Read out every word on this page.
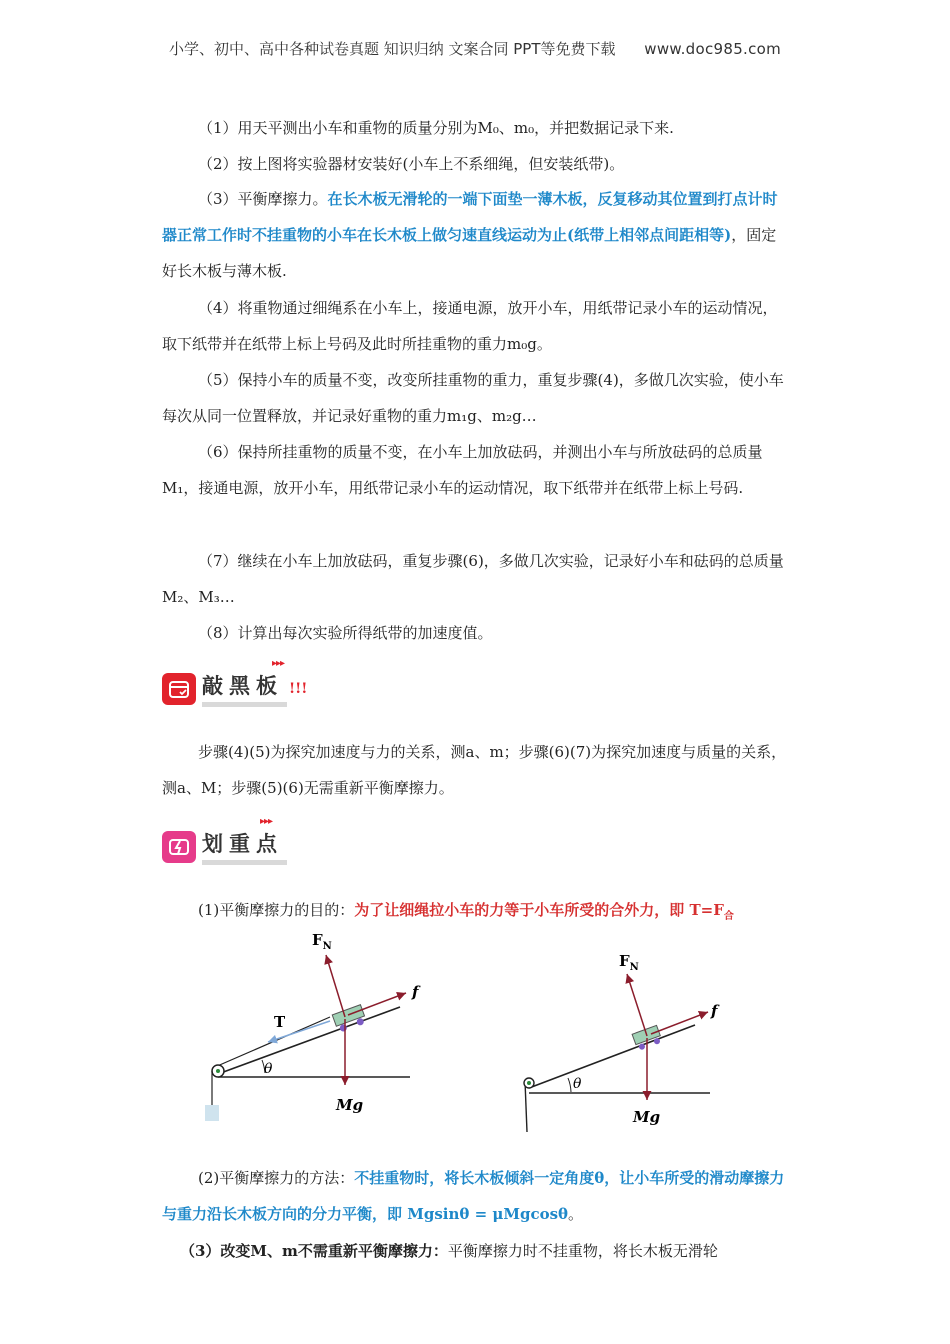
小学、初中、高中各种试卷真题 知识归纳 文案合同 PPT等免费下载 www.doc985.com
（1）用天平测出小车和重物的质量分别为M₀、m₀，并把数据记录下来.
（2）按上图将实验器材安装好(小车上不系细绳，但安装纸带)。
（3）平衡摩擦力。在长木板无滑轮的一端下面垫一薄木板，反复移动其位置到打点计时器正常工作时不挂重物的小车在长木板上做匀速直线运动为止(纸带上相邻点间距相等)，固定好长木板与薄木板.
（4）将重物通过细绳系在小车上，接通电源，放开小车，用纸带记录小车的运动情况，取下纸带并在纸带上标上号码及此时所挂重物的重力m₀g。
（5）保持小车的质量不变，改变所挂重物的重力，重复步骤(4)，多做几次实验，使小车每次从同一位置释放，并记录好重物的重力m₁g、m₂g…
（6）保持所挂重物的质量不变，在小车上加放砝码，并测出小车与所放砝码的总质量M₁，接通电源，放开小车，用纸带记录小车的运动情况，取下纸带并在纸带上标上号码.
（7）继续在小车上加放砝码，重复步骤(6)，多做几次实验，记录好小车和砝码的总质量M₂、M₃…
（8）计算出每次实验所得纸带的加速度值。
▸▸▸
敲黑板 !!!
步骤(4)(5)为探究加速度与力的关系，测a、m；步骤(6)(7)为探究加速度与质量的关系，测a、M；步骤(5)(6)无需重新平衡摩擦力。
▸▸▸
划重点
(1)平衡摩擦力的目的：为了让细绳拉小车的力等于小车所受的合外力，即 $T=F_合$
θ
$F_N$
f
T
Mg
θ
$F_N$
f
Mg
(2)平衡摩擦力的方法：不挂重物时，将长木板倾斜一定角度θ，让小车所受的滑动摩擦力与重力沿长木板方向的分力平衡，即 Mgsinθ = μMgcosθ。
（3）改变M、m不需重新平衡摩擦力：平衡摩擦力时不挂重物，将长木板无滑轮
